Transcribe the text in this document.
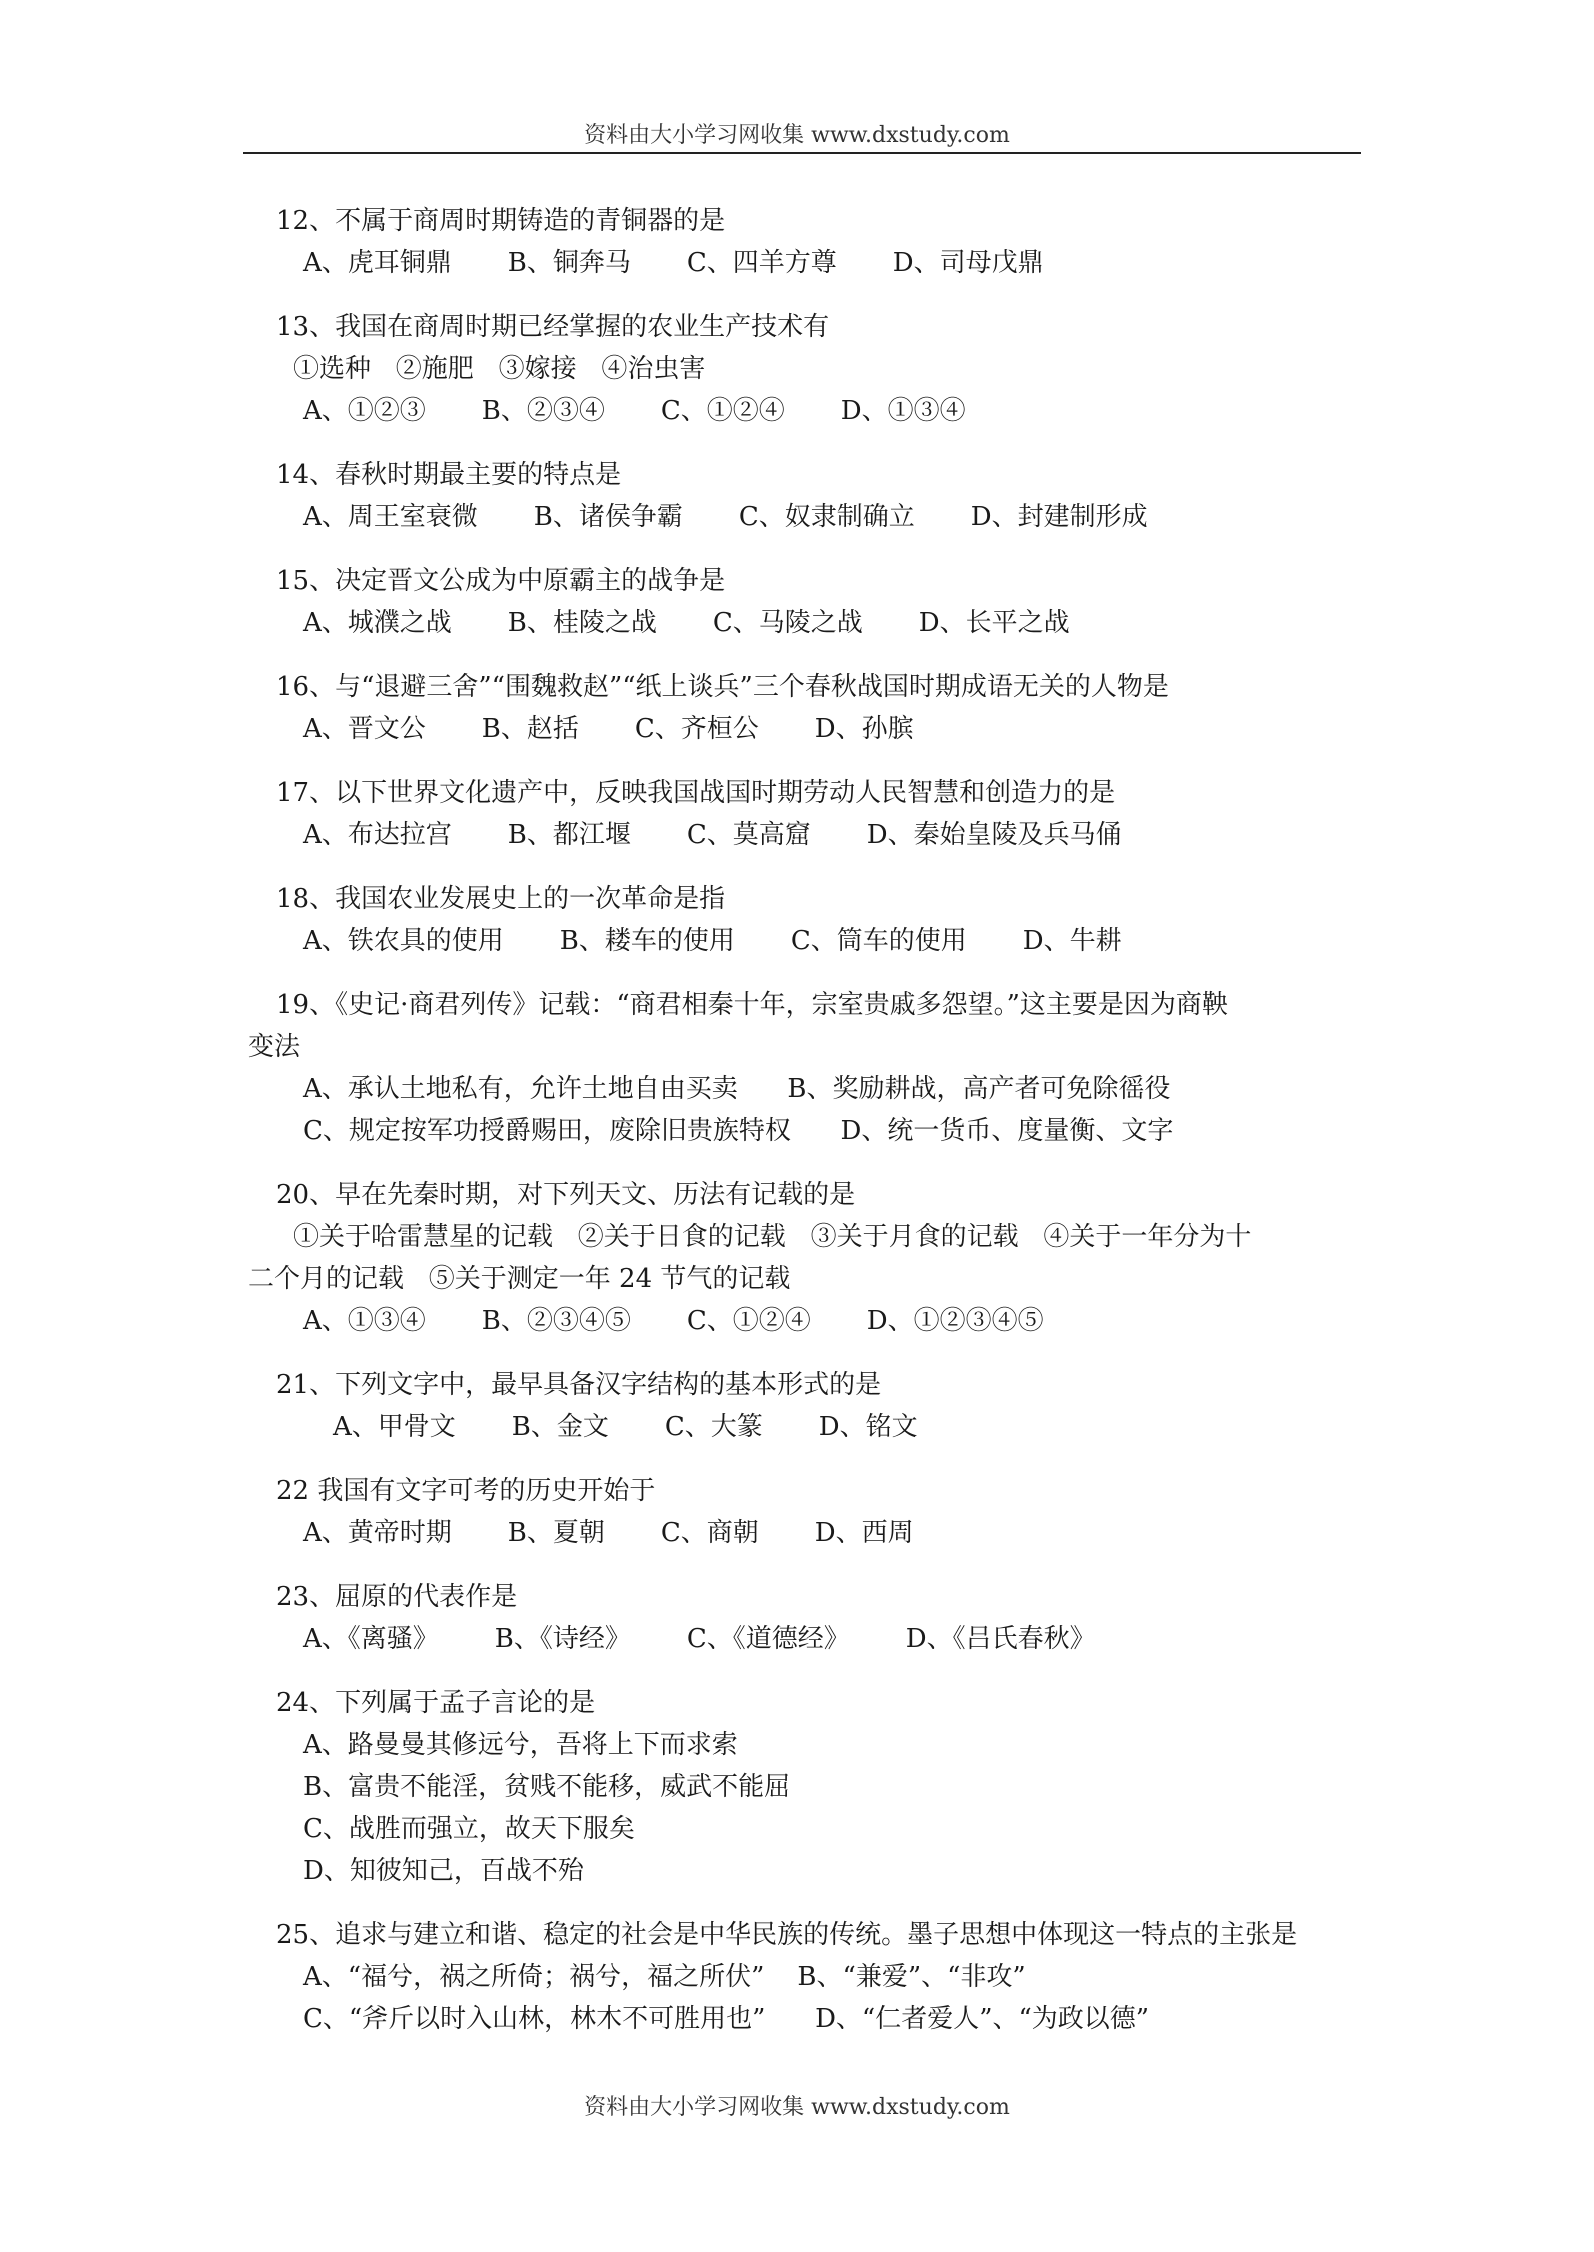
资料由大小学习网收集 www.dxstudy.com
12、不属于商周时期铸造的青铜器的是
A、虎耳铜鼎 B、铜奔马 C、四羊方尊 D、司母戊鼎
13、我国在商周时期已经掌握的农业生产技术有
①选种   ②施肥   ③嫁接   ④治虫害
A、①②③ B、②③④ C、①②④ D、①③④
14、春秋时期最主要的特点是
A、周王室衰微 B、诸侯争霸 C、奴隶制确立 D、封建制形成
15、决定晋文公成为中原霸主的战争是
A、城濮之战 B、桂陵之战 C、马陵之战 D、长平之战
16、与“退避三舍”“围魏救赵”“纸上谈兵”三个春秋战国时期成语无关的人物是
A、晋文公 B、赵括 C、齐桓公 D、孙膑
17、以下世界文化遗产中，反映我国战国时期劳动人民智慧和创造力的是
A、布达拉宫 B、都江堰 C、莫高窟 D、秦始皇陵及兵马俑
18、我国农业发展史上的一次革命是指
A、铁农具的使用 B、耧车的使用 C、筒车的使用 D、牛耕
19、《史记·商君列传》记载：“商君相秦十年，宗室贵戚多怨望。”这主要是因为商鞅
变法
A、承认土地私有，允许土地自由买卖      B、奖励耕战，高产者可免除徭役
C、规定按军功授爵赐田，废除旧贵族特权      D、统一货币、度量衡、文字
20、早在先秦时期，对下列天文、历法有记载的是
①关于哈雷慧星的记载   ②关于日食的记载   ③关于月食的记载   ④关于一年分为十
二个月的记载   ⑤关于测定一年 24 节气的记载
A、①③④ B、②③④⑤ C、①②④ D、①②③④⑤
21、下列文字中，最早具备汉字结构的基本形式的是
A、甲骨文 B、金文 C、大篆 D、铭文
22 我国有文字可考的历史开始于
A、黄帝时期 B、夏朝 C、商朝 D、西周
23、屈原的代表作是
A、《离骚》 B、《诗经》 C、《道德经》 D、《吕氏春秋》
24、下列属于孟子言论的是
A、路曼曼其修远兮，吾将上下而求索
B、富贵不能淫，贫贱不能移，威武不能屈
C、战胜而强立，故天下服矣
D、知彼知己，百战不殆
25、追求与建立和谐、稳定的社会是中华民族的传统。墨子思想中体现这一特点的主张是
A、“福兮，祸之所倚；祸兮，福之所伏”    B、“兼爱”、“非攻”
C、“斧斤以时入山林，林木不可胜用也”      D、“仁者爱人”、“为政以德”
资料由大小学习网收集 www.dxstudy.com
